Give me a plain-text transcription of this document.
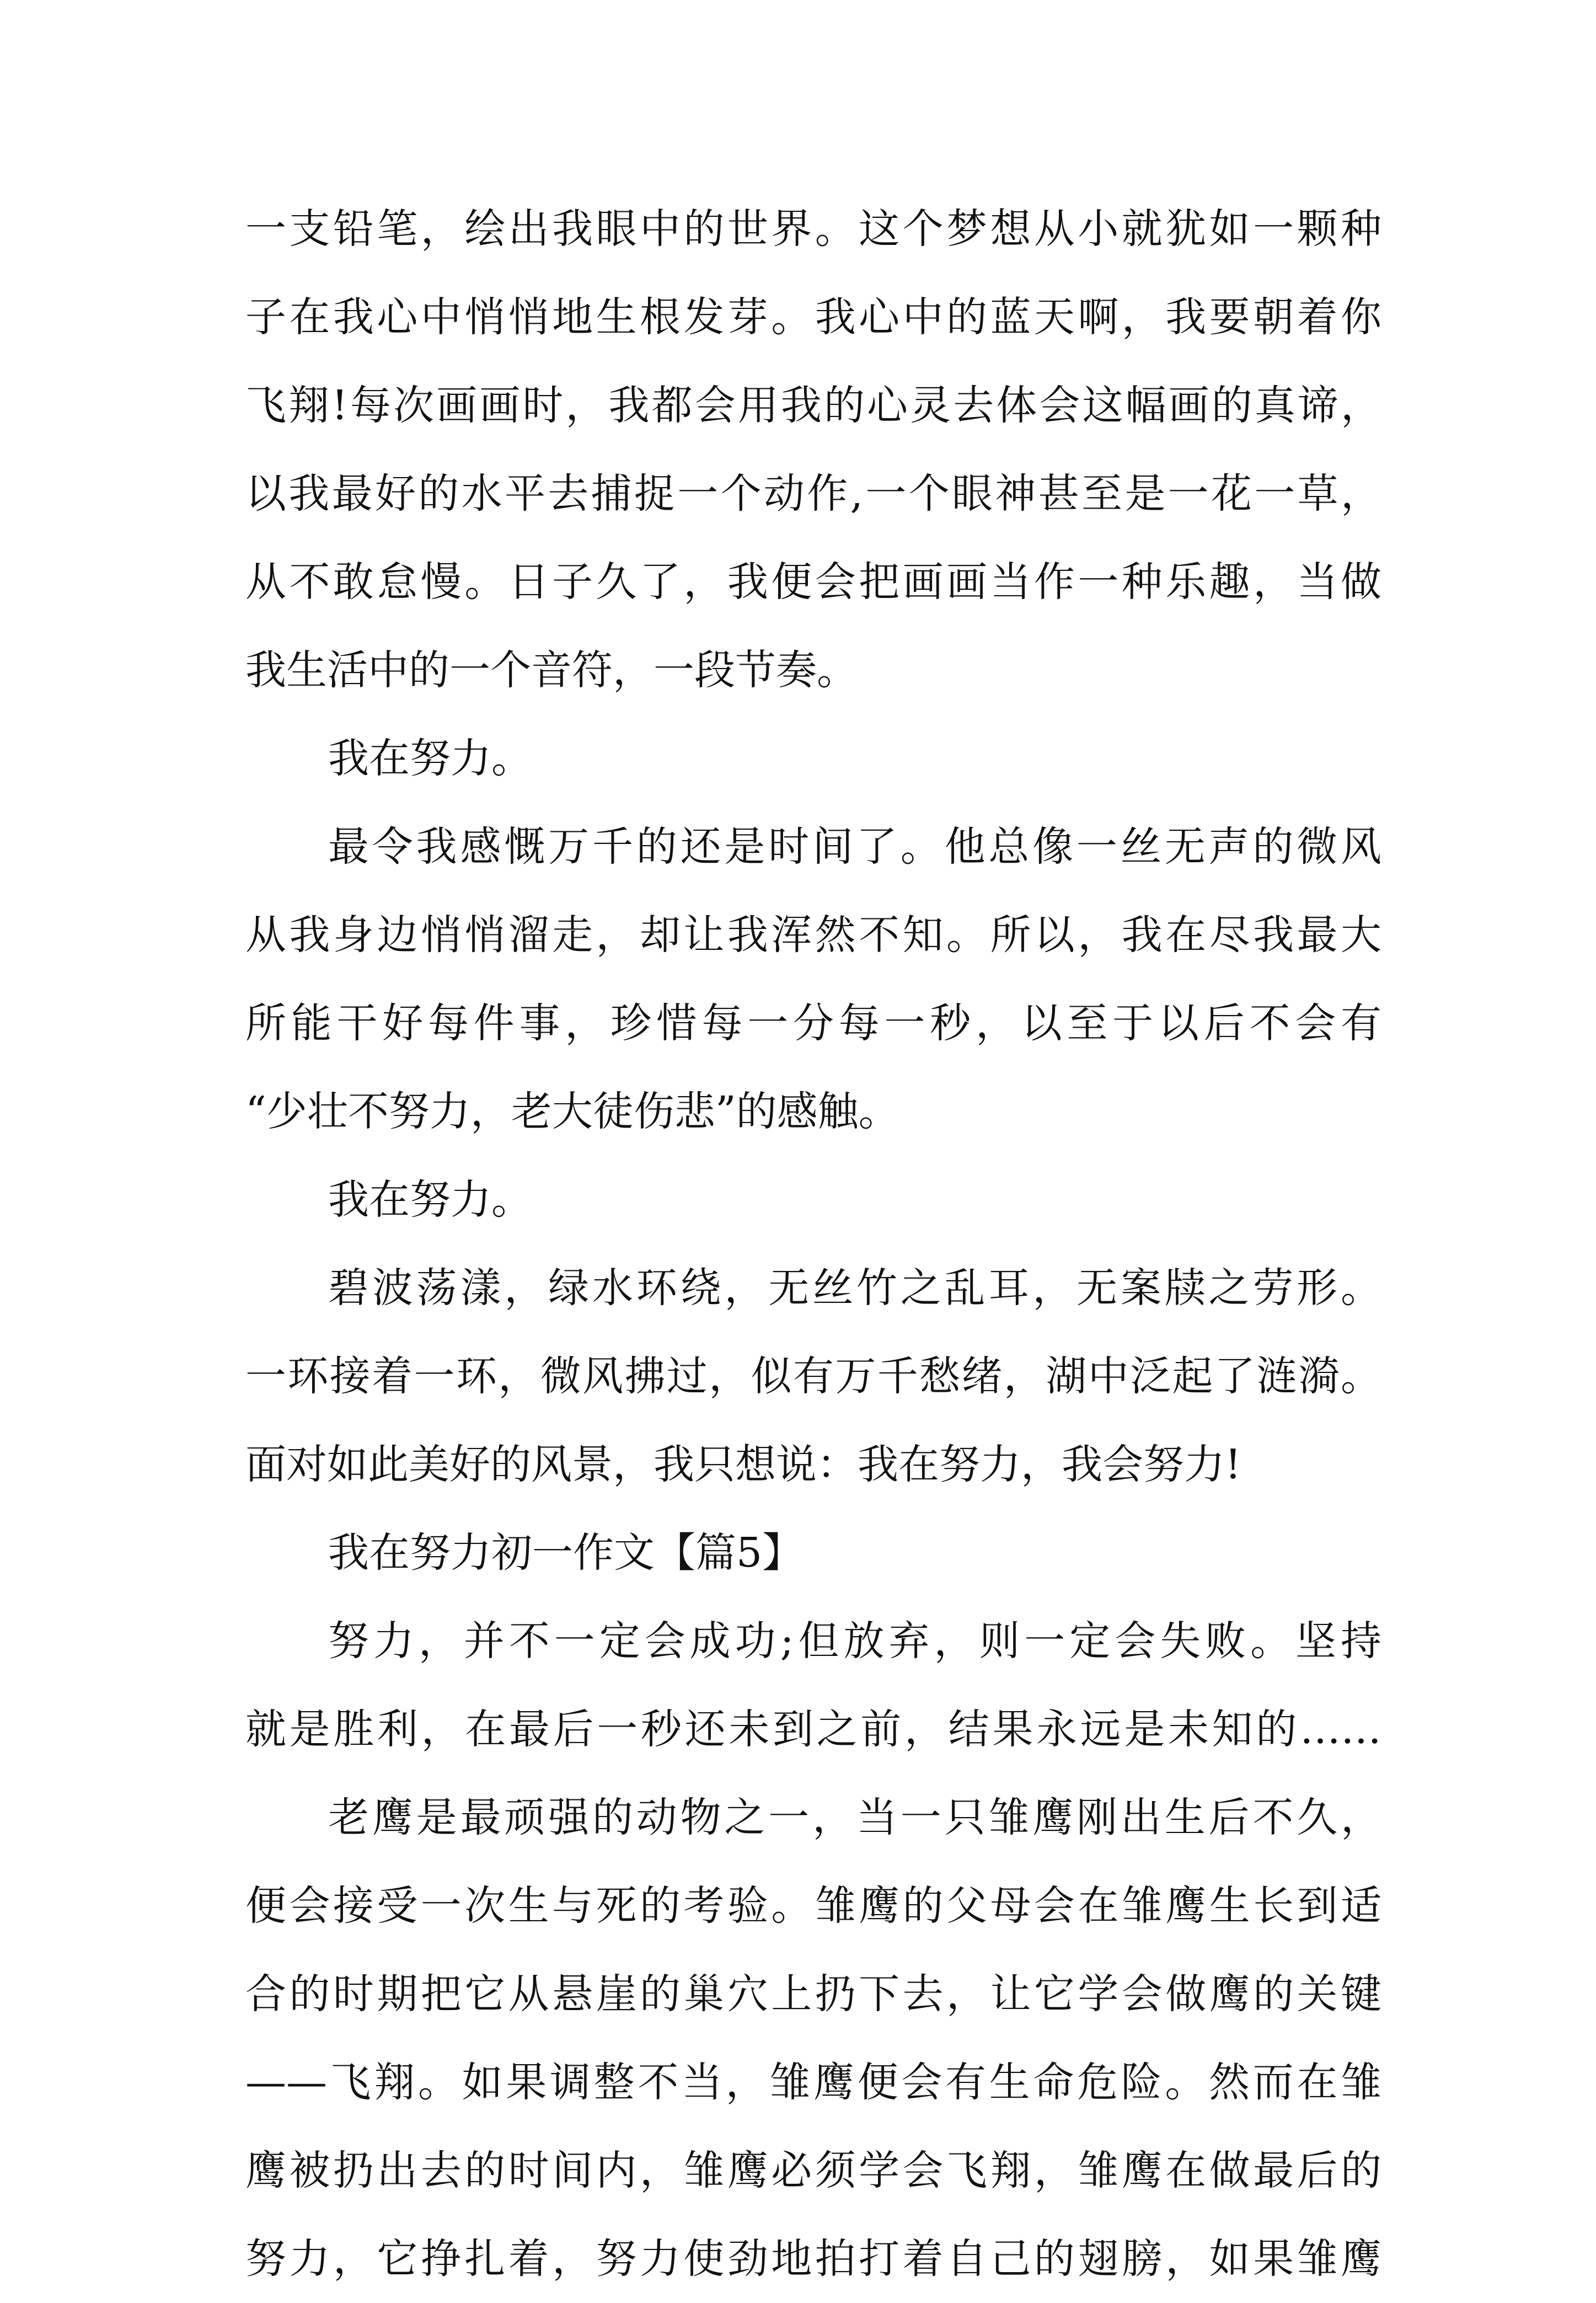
一支铅笔，绘出我眼中的世界。这个梦想从小就犹如一颗种
子在我心中悄悄地生根发芽。我心中的蓝天啊，我要朝着你
飞翔!每次画画时，我都会用我的心灵去体会这幅画的真谛，
以我最好的水平去捕捉一个动作,一个眼神甚至是一花一草，
从不敢怠慢。日子久了，我便会把画画当作一种乐趣，当做
我生活中的一个音符，一段节奏。
我在努力。
最令我感慨万千的还是时间了。他总像一丝无声的微风
从我身边悄悄溜走，却让我浑然不知。所以，我在尽我最大
所能干好每件事，珍惜每一分每一秒，以至于以后不会有
“少壮不努力，老大徒伤悲”的感触。
我在努力。
碧波荡漾，绿水环绕，无丝竹之乱耳，无案牍之劳形。
一环接着一环，微风拂过，似有万千愁绪，湖中泛起了涟漪。
面对如此美好的风景，我只想说：我在努力，我会努力!
我在努力初一作文【篇5】
努力，并不一定会成功;但放弃，则一定会失败。坚持
就是胜利，在最后一秒还未到之前，结果永远是未知的……
老鹰是最顽强的动物之一，当一只雏鹰刚出生后不久，
便会接受一次生与死的考验。雏鹰的父母会在雏鹰生长到适
合的时期把它从悬崖的巢穴上扔下去，让它学会做鹰的关键
——飞翔。如果调整不当，雏鹰便会有生命危险。然而在雏
鹰被扔出去的时间内，雏鹰必须学会飞翔，雏鹰在做最后的
努力，它挣扎着，努力使劲地拍打着自己的翅膀，如果雏鹰
